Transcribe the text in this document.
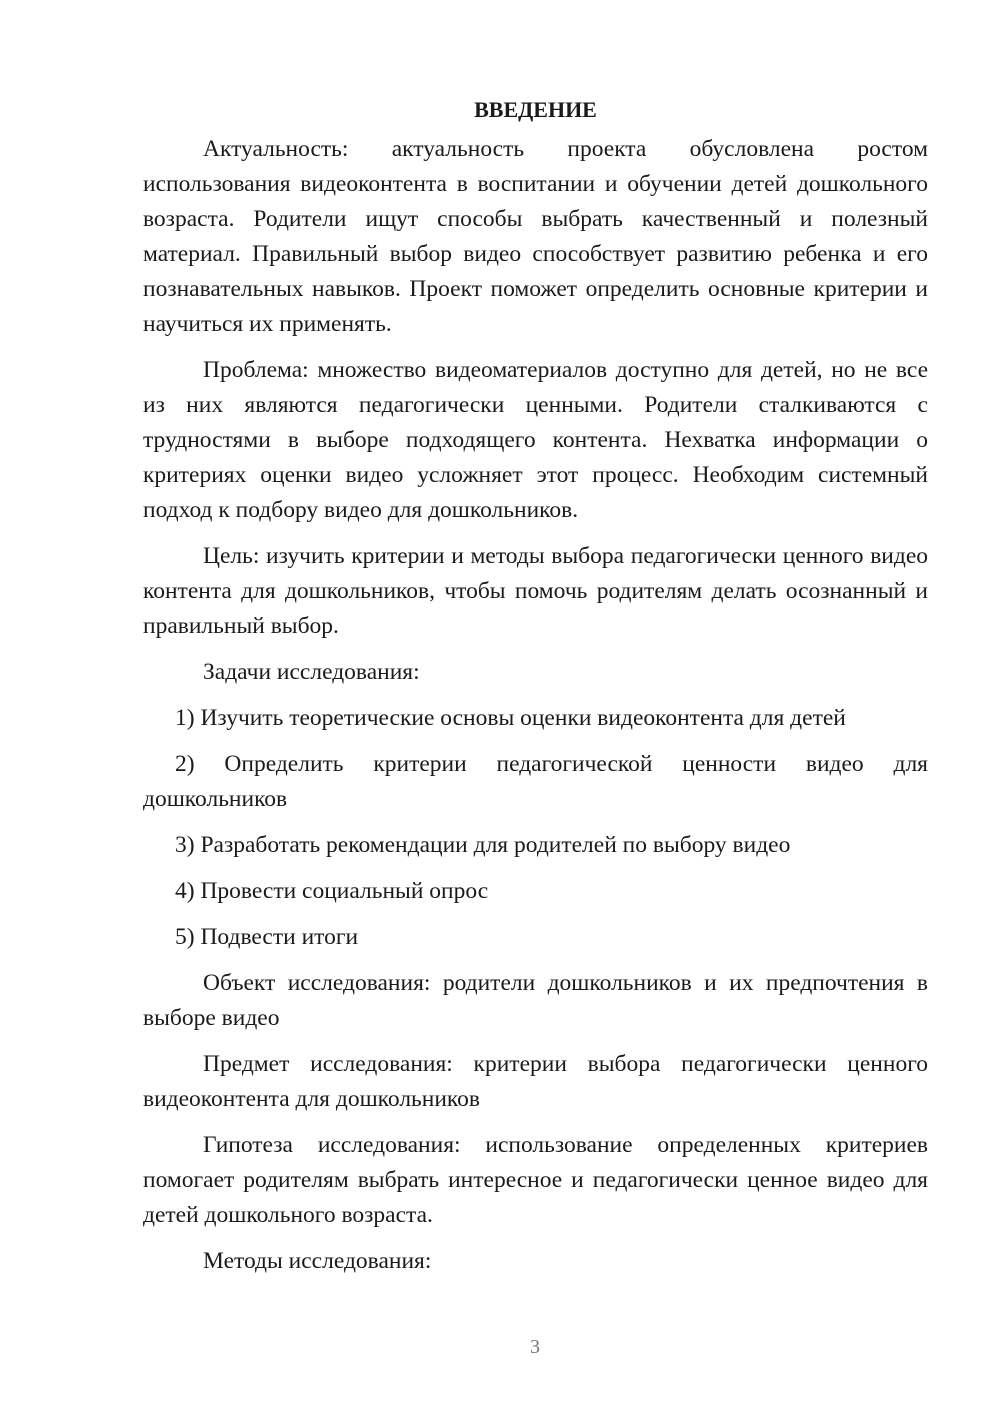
ВВЕДЕНИЕ

Актуальность: актуальность проекта обусловлена ростом использования видеоконтента в воспитании и обучении детей дошкольного возраста. Родители ищут способы выбрать качественный и полезный материал. Правильный выбор видео способствует развитию ребенка и его познавательных навыков. Проект поможет определить основные критерии и научиться их применять.

Проблема: множество видеоматериалов доступно для детей, но не все из них являются педагогически ценными. Родители сталкиваются с трудностями в выборе подходящего контента. Нехватка информации о критериях оценки видео усложняет этот процесс. Необходим системный подход к подбору видео для дошкольников.

Цель: изучить критерии и методы выбора педагогически ценного видео контента для дошкольников, чтобы помочь родителям делать осознанный и правильный выбор.

Задачи исследования:

1) Изучить теоретические основы оценки видеоконтента для детей

2) Определить критерии педагогической ценности видео для дошкольников

3) Разработать рекомендации для родителей по выбору видео

4) Провести социальный опрос

5) Подвести итоги

Объект исследования: родители дошкольников и их предпочтения в выборе видео

Предмет исследования: критерии выбора педагогически ценного видеоконтента для дошкольников

Гипотеза исследования: использование определенных критериев помогает родителям выбрать интересное и педагогически ценное видео для детей дошкольного возраста.

Методы исследования:

3
